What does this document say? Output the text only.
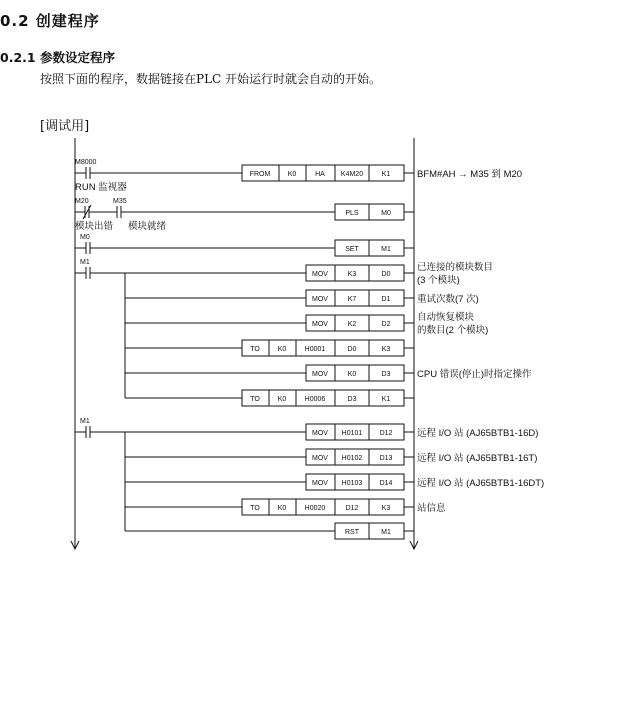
0.2 创建程序
0.2.1 参数设定程序
按照下面的程序，数据链接在PLC 开始运行时就会自动的开始。
[调试用]
M8000
RUN 监视器
M20	M35
模块出错 模块就绪
M0
M1
M1
FROM K0	HA K4M20	K1
PLS	M0
SET	M1
MOV	K3	D0
MOV	K7	D1
MOV	K2	D2
TO	K0	H0001	D0	K3
MOV	K0	D3
TO	K0	H0006	D3	K1
MOV H0101 D12
MOV H0102 D13
MOV H0103 D14
TO	K0	H0020	D12	K3
RST	M1
BFM#AH → M35 到 M20
已连接的模块数目
(3 个模块)
重试次数(7 次)
自动恢复模块
的数目(2 个模块)
CPU 错误(停止)时指定操作
远程 I/O 站 (AJ65BTB1-16D)
远程 I/O 站 (AJ65BTB1-16T)
远程 I/O 站 (AJ65BTB1-16DT)
站信息
